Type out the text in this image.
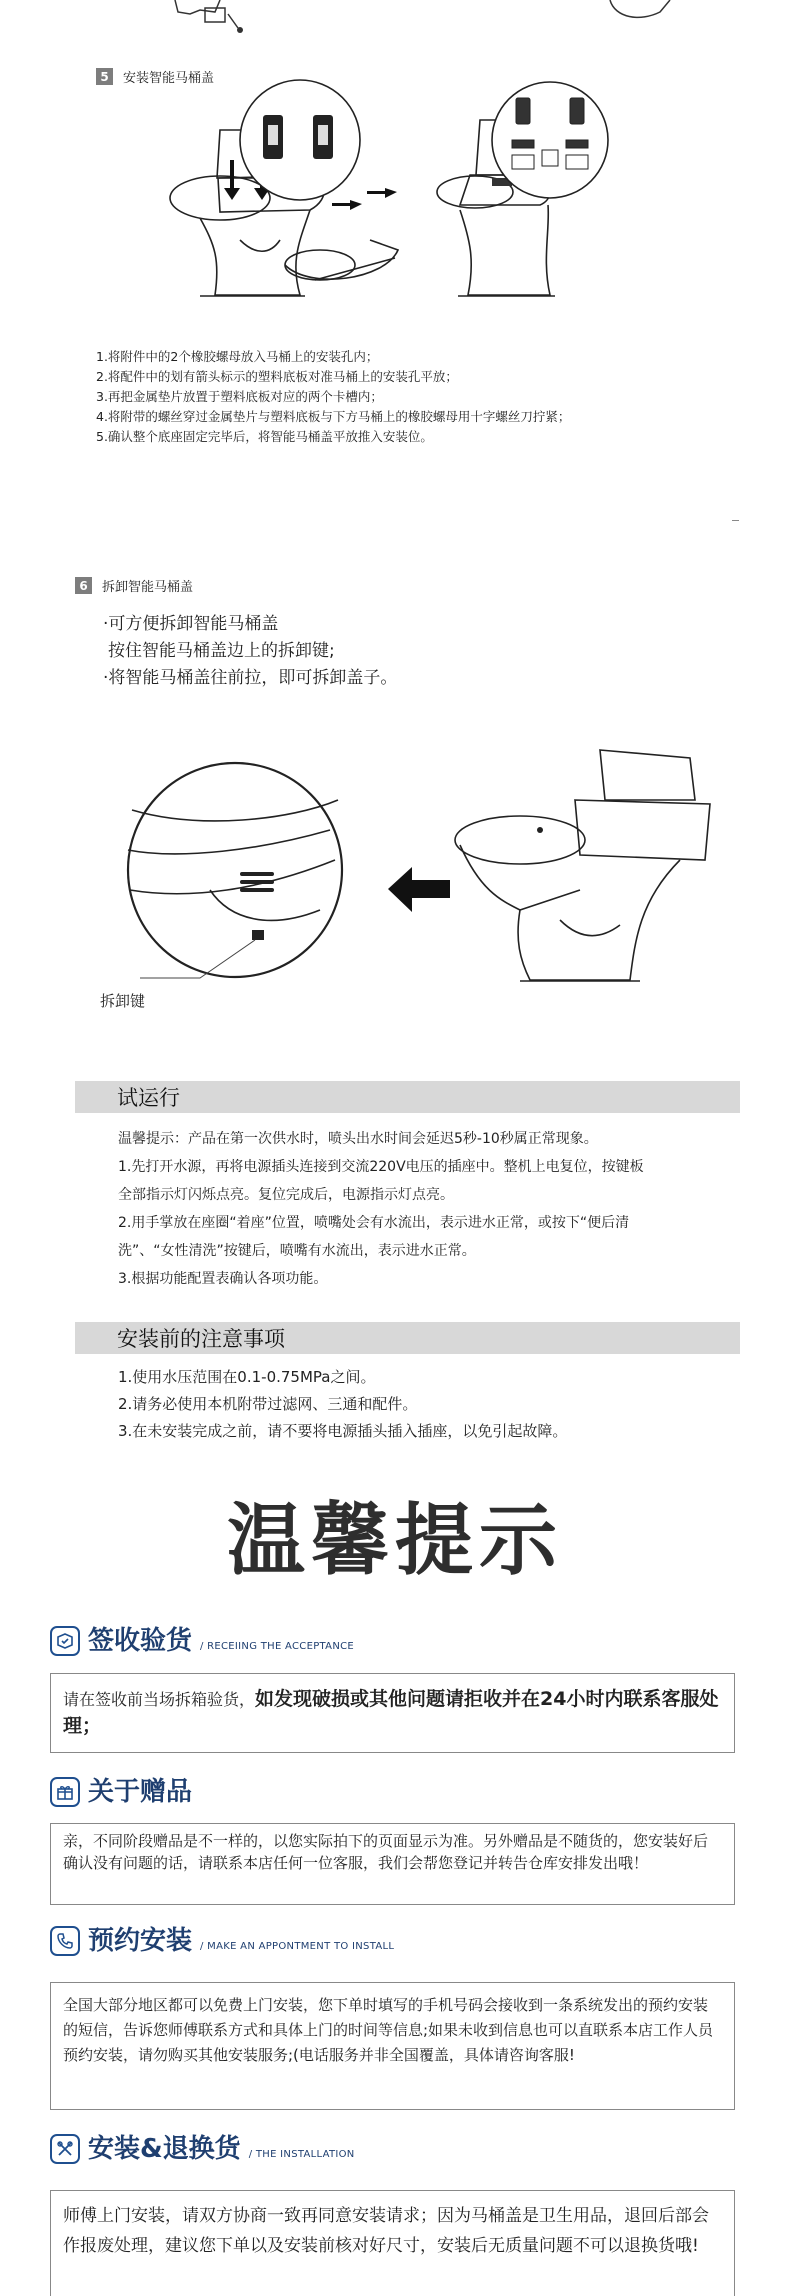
5	安装智能马桶盖
1.将附件中的2个橡胶螺母放入马桶上的安装孔内；
2.将配件中的划有箭头标示的塑料底板对准马桶上的安装孔平放；
3.再把金属垫片放置于塑料底板对应的两个卡槽内；
4.将附带的螺丝穿过金属垫片与塑料底板与下方马桶上的橡胶螺母用十字螺丝刀拧紧；
5.确认整个底座固定完毕后，将智能马桶盖平放推入安装位。
6	拆卸智能马桶盖
·可方便拆卸智能马桶盖
按住智能马桶盖边上的拆卸键;
·将智能马桶盖往前拉，即可拆卸盖子。
拆卸键
试运行
温馨提示：产品在第一次供水时，喷头出水时间会延迟5秒-10秒属正常现象。
1.先打开水源，再将电源插头连接到交流220V电压的插座中。整机上电复位，按键板
全部指示灯闪烁点亮。复位完成后，电源指示灯点亮。
2.用手掌放在座圈“着座”位置，喷嘴处会有水流出，表示进水正常，或按下“便后清
洗”、“女性清洗”按键后，喷嘴有水流出，表示进水正常。
3.根据功能配置表确认各项功能。
安装前的注意事项
1.使用水压范围在0.1-0.75MPa之间。
2.请务必使用本机附带过滤网、三通和配件。
3.在未安装完成之前，请不要将电源插头插入插座，以免引起故障。
温馨提示
签收验货 / RECEIING THE ACCEPTANCE
请在签收前当场拆箱验货，如发现破损或其他问题请拒收并在24小时内联系客服处理；
关于赠品
亲，不同阶段赠品是不一样的，以您实际拍下的页面显示为准。另外赠品是不随货的，您安装好后确认没有问题的话，请联系本店任何一位客服，我们会帮您登记并转告仓库安排发出哦！
预约安装 / MAKE AN APPONTMENT TO INSTALL
全国大部分地区都可以免费上门安装，您下单时填写的手机号码会接收到一条系统发出的预约安装的短信，告诉您师傅联系方式和具体上门的时间等信息;如果未收到信息也可以直联系本店工作人员预约安装，请勿购买其他安装服务;(电话服务并非全国覆盖，具体请咨询客服!
安装&退换货 / THE INSTALLATION
师傅上门安装，请双方协商一致再同意安装请求；因为马桶盖是卫生用品，退回后部会作报废处理，建议您下单以及安装前核对好尺寸，安装后无质量问题不可以退换货哦!
